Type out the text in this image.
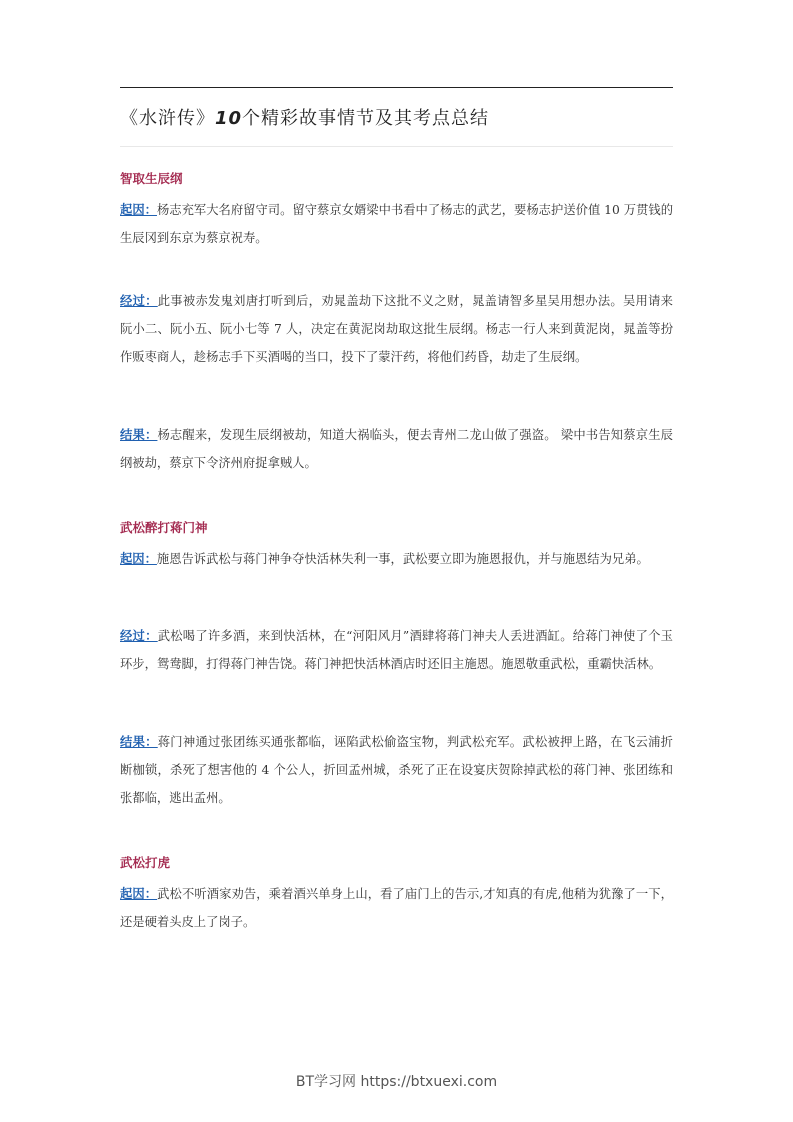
《水浒传》10个精彩故事情节及其考点总结
智取生辰纲
起因：杨志充军大名府留守司。留守蔡京女婿梁中书看中了杨志的武艺，要杨志护送价值 10 万贯钱的生辰冈到东京为蔡京祝寿。
经过：此事被赤发鬼刘唐打听到后，劝晁盖劫下这批不义之财，晁盖请智多星吴用想办法。吴用请来阮小二、阮小五、阮小七等 7 人，决定在黄泥岗劫取这批生辰纲。杨志一行人来到黄泥岗，晁盖等扮作贩枣商人，趁杨志手下买酒喝的当口，投下了蒙汗药，将他们药昏，劫走了生辰纲。
结果：杨志醒来，发现生辰纲被劫，知道大祸临头，便去青州二龙山做了强盗。 梁中书告知蔡京生辰纲被劫，蔡京下令济州府捉拿贼人。
武松醉打蒋门神
起因：施恩告诉武松与蒋门神争夺快活林失利一事，武松要立即为施恩报仇，并与施恩结为兄弟。
经过：武松喝了许多酒，来到快活林，在“河阳风月”酒肆将蒋门神夫人丢进酒缸。给蒋门神使了个玉环步，鸳鸯脚，打得蒋门神告饶。蒋门神把快活林酒店时还旧主施恩。施恩敬重武松，重霸快活林。
结果：蒋门神通过张团练买通张都临，诬陷武松偷盗宝物，判武松充军。武松被押上路，在飞云浦折断枷锁，杀死了想害他的 4 个公人，折回孟州城，杀死了正在设宴庆贺除掉武松的蒋门神、张团练和张都临，逃出孟州。
武松打虎
起因：武松不听酒家劝告，乘着酒兴单身上山，看了庙门上的告示,才知真的有虎,他稍为犹豫了一下，还是硬着头皮上了岗子。
BT学习网 https://btxuexi.com
